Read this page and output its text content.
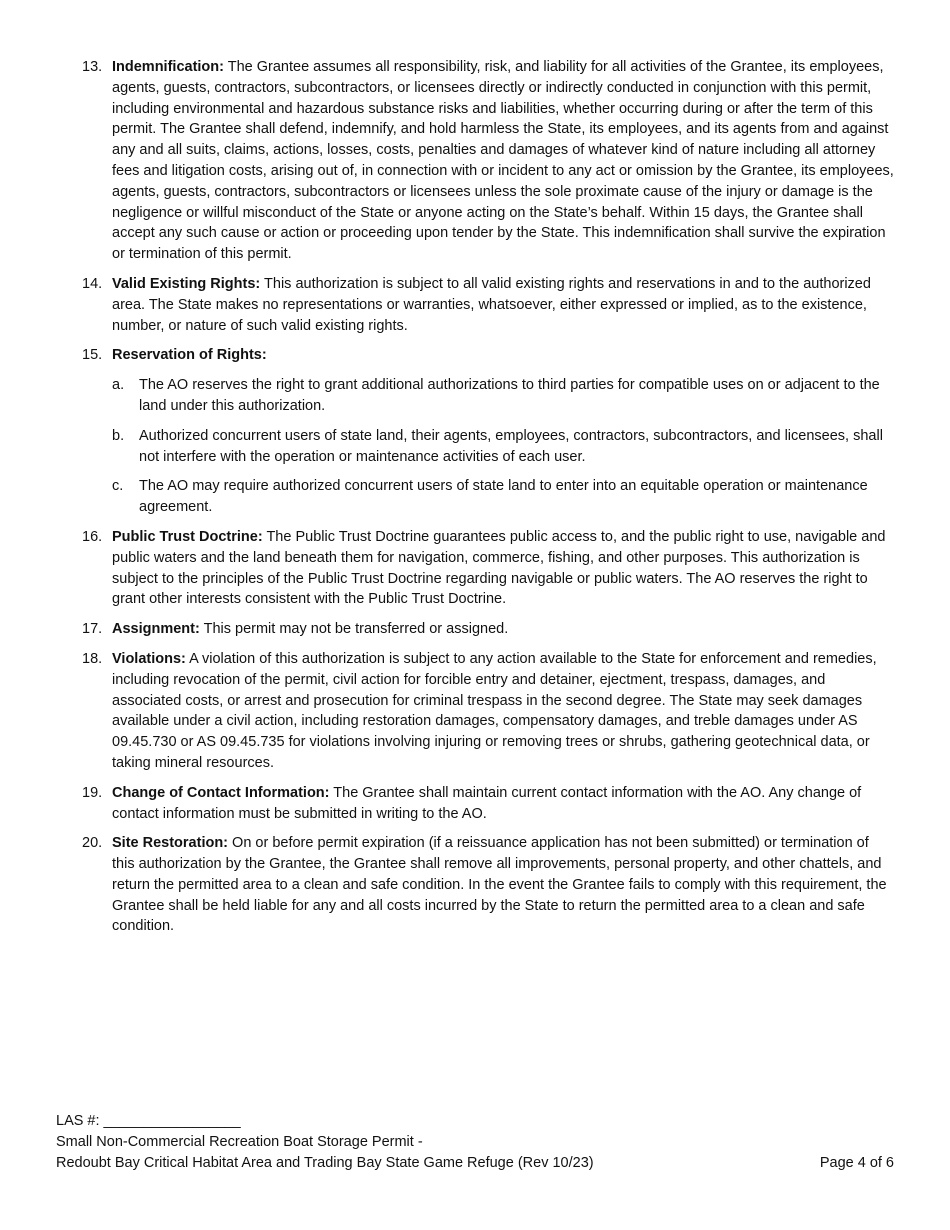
13. Indemnification: The Grantee assumes all responsibility, risk, and liability for all activities of the Grantee, its employees, agents, guests, contractors, subcontractors, or licensees directly or indirectly conducted in conjunction with this permit, including environmental and hazardous substance risks and liabilities, whether occurring during or after the term of this permit. The Grantee shall defend, indemnify, and hold harmless the State, its employees, and its agents from and against any and all suits, claims, actions, losses, costs, penalties and damages of whatever kind of nature including all attorney fees and litigation costs, arising out of, in connection with or incident to any act or omission by the Grantee, its employees, agents, guests, contractors, subcontractors or licensees unless the sole proximate cause of the injury or damage is the negligence or willful misconduct of the State or anyone acting on the State’s behalf. Within 15 days, the Grantee shall accept any such cause or action or proceeding upon tender by the State. This indemnification shall survive the expiration or termination of this permit.
14. Valid Existing Rights: This authorization is subject to all valid existing rights and reservations in and to the authorized area. The State makes no representations or warranties, whatsoever, either expressed or implied, as to the existence, number, or nature of such valid existing rights.
15. Reservation of Rights:
a. The AO reserves the right to grant additional authorizations to third parties for compatible uses on or adjacent to the land under this authorization.
b. Authorized concurrent users of state land, their agents, employees, contractors, subcontractors, and licensees, shall not interfere with the operation or maintenance activities of each user.
c. The AO may require authorized concurrent users of state land to enter into an equitable operation or maintenance agreement.
16. Public Trust Doctrine: The Public Trust Doctrine guarantees public access to, and the public right to use, navigable and public waters and the land beneath them for navigation, commerce, fishing, and other purposes. This authorization is subject to the principles of the Public Trust Doctrine regarding navigable or public waters. The AO reserves the right to grant other interests consistent with the Public Trust Doctrine.
17. Assignment: This permit may not be transferred or assigned.
18. Violations: A violation of this authorization is subject to any action available to the State for enforcement and remedies, including revocation of the permit, civil action for forcible entry and detainer, ejectment, trespass, damages, and associated costs, or arrest and prosecution for criminal trespass in the second degree. The State may seek damages available under a civil action, including restoration damages, compensatory damages, and treble damages under AS 09.45.730 or AS 09.45.735 for violations involving injuring or removing trees or shrubs, gathering geotechnical data, or taking mineral resources.
19. Change of Contact Information: The Grantee shall maintain current contact information with the AO. Any change of contact information must be submitted in writing to the AO.
20. Site Restoration: On or before permit expiration (if a reissuance application has not been submitted) or termination of this authorization by the Grantee, the Grantee shall remove all improvements, personal property, and other chattels, and return the permitted area to a clean and safe condition. In the event the Grantee fails to comply with this requirement, the Grantee shall be held liable for any and all costs incurred by the State to return the permitted area to a clean and safe condition.
LAS #: _________________
Small Non-Commercial Recreation Boat Storage Permit -
Redoubt Bay Critical Habitat Area and Trading Bay State Game Refuge (Rev 10/23)	Page 4 of 6
